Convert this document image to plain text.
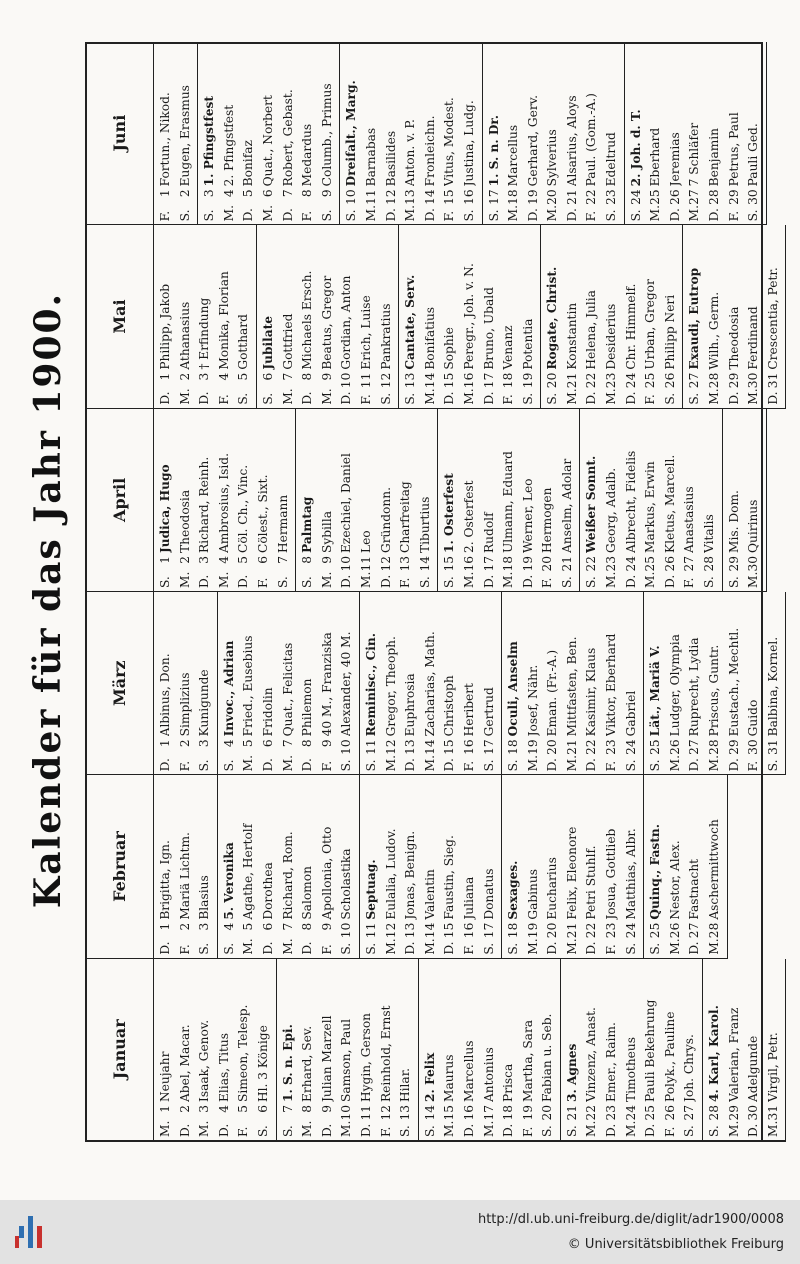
Kalender für das Jahr 1900.
Januar
M.
1
Neujahr
D.
2
Abel, Macar.
M.
3
Isaak, Genov.
D.
4
Elias, Titus
F.
5
Simeon, Telesp.
S.
6
Hl. 3 Könige
S.
7
1. S. n. Epi.
M.
8
Erhard, Sev.
D.
9
Julian Marzell
M.
10
Samson, Paul
D.
11
Hygin, Gerson
F.
12
Reinhold, Ernst
S.
13
Hilar.
S.
14
2. Felix
M.
15
Maurus
D.
16
Marcellus
M.
17
Antonius
D.
18
Prisca
F.
19
Martha, Sara
S.
20
Fabian u. Seb.
S.
21
3. Agnes
M.
22
Vinzenz, Anast.
D.
23
Emer., Raim.
M.
24
Timotheus
D.
25
Pauli Bekehrung
F.
26
Polyk., Pauline
S.
27
Joh. Chrys.
S.
28
4. Karl, Karol.
M.
29
Valerian, Franz
D.
30
Adelgunde
M.
31
Virgil, Petr.
Februar
D.
1
Brigitta, Ign.
F.
2
Mariä Lichtm.
S.
3
Blasius
S.
4
5. Veronika
M.
5
Agathe, Hertolf
D.
6
Dorothea
M.
7
Richard, Rom.
D.
8
Salomon
F.
9
Apollonia, Otto
S.
10
Scholastika
S.
11
Septuag.
M.
12
Eulalia, Ludov.
D.
13
Jonas, Benign.
M.
14
Valentin
D.
15
Faustin, Sieg.
F.
16
Juliana
S.
17
Donatus
S.
18
Sexages.
M.
19
Gabinus
D.
20
Eucharius
M.
21
Felix, Eleonore
D.
22
Petri Stuhlf.
F.
23
Josua, Gottlieb
S.
24
Matthias, Albr.
S.
25
Quinq., Fastn.
M.
26
Nestor, Alex.
D.
27
Fastnacht
M.
28
Aschermittwoch
März
D.
1
Albinus, Don.
F.
2
Simplizius
S.
3
Kunigunde
S.
4
Invoc., Adrian
M.
5
Fried., Eusebius
D.
6
Fridolin
M.
7
Quat., Felicitas
D.
8
Philemon
F.
9
40 M., Franziska
S.
10
Alexander, 40 M.
S.
11
Reminisc., Cin.
M.
12
Gregor, Theoph.
D.
13
Euphrosia
M.
14
Zacharias, Math.
D.
15
Christoph
F.
16
Heribert
S.
17
Gertrud
S.
18
Oculi, Anselm
M.
19
Josef, Nähr.
D.
20
Eman. (Fr.-A.)
M.
21
Mittfasten, Ben.
D.
22
Kasimir, Klaus
F.
23
Viktor, Eberhard
S.
24
Gabriel
S.
25
Lät., Mariä V.
M.
26
Ludger, Olympia
D.
27
Ruprecht, Lydia
M.
28
Priscus, Guntr.
D.
29
Eustach., Mechtl.
F.
30
Guido
S.
31
Balbina, Kornel.
April
S.
1
Judica, Hugo
M.
2
Theodosia
D.
3
Richard, Reinh.
M.
4
Ambrosius, Isid.
D.
5
Cöl. Ch., Vinc.
F.
6
Cölest., Sixt.
S.
7
Hermann
S.
8
Palmtag
M.
9
Sybilla
D.
10
Ezechiel, Daniel
M.
11
Leo
D.
12
Gründonn.
F.
13
Charfreitag
S.
14
Tiburtius
S.
15
1. Osterfest
M.
16
2. Osterfest
D.
17
Rudolf
M.
18
Ulmann, Eduard
D.
19
Werner, Leo
F.
20
Hermogen
S.
21
Anselm, Adolar
S.
22
Weißer Sonnt.
M.
23
Georg, Adalb.
D.
24
Albrecht, Fidelis
M.
25
Markus, Erwin
D.
26
Kletus, Marcell.
F.
27
Anastasius
S.
28
Vitalis
S.
29
Mis. Dom.
M.
30
Quirinus
Mai
D.
1
Philipp, Jakob
M.
2
Athanasius
D.
3
† Erfindung
F.
4
Monika, Florian
S.
5
Gotthard
S.
6
Jubilate
M.
7
Gottfried
D.
8
Michaels Ersch.
M.
9
Beatus, Gregor
D.
10
Gordian, Anton
F.
11
Erich, Luise
S.
12
Pankratius
S.
13
Cantate, Serv.
M.
14
Bonifatius
D.
15
Sophie
M.
16
Peregr., Joh. v. N.
D.
17
Bruno, Ubald
F.
18
Venanz
S.
19
Potentia
S.
20
Rogate, Christ.
M.
21
Konstantin
D.
22
Helena, Julia
M.
23
Desiderius
D.
24
Chr. Himmelf.
F.
25
Urban, Gregor
S.
26
Philipp Neri
S.
27
Exaudi, Eutrop
M.
28
Wilh., Germ.
D.
29
Theodosia
M.
30
Ferdinand
D.
31
Crescentia, Petr.
Juni
F.
1
Fortun., Nikod.
S.
2
Eugen, Erasmus
S.
3
1. Pfingstfest
M.
4
2. Pfingstfest
D.
5
Bonifaz
M.
6
Quat., Norbert
D.
7
Robert, Gebast.
F.
8
Medardus
S.
9
Columb., Primus
S.
10
Dreifalt., Marg.
M.
11
Barnabas
D.
12
Basilides
M.
13
Anton. v. P.
D.
14
Fronleichn.
F.
15
Vitus, Modest.
S.
16
Justina, Ludg.
S.
17
1. S. n. Dr.
M.
18
Marcellus
D.
19
Gerhard, Gerv.
M.
20
Sylverius
D.
21
Alsarius, Aloys
F.
22
Paul. (Gom.-A.)
S.
23
Edeltrud
S.
24
2. Joh. d. T.
M.
25
Eberhard
D.
26
Jeremias
M.
27
7 Schläfer
D.
28
Benjamin
F.
29
Petrus, Paul
S.
30
Pauli Ged.
http://dl.ub.uni-freiburg.de/diglit/adr1900/0008
© Universitätsbibliothek Freiburg
